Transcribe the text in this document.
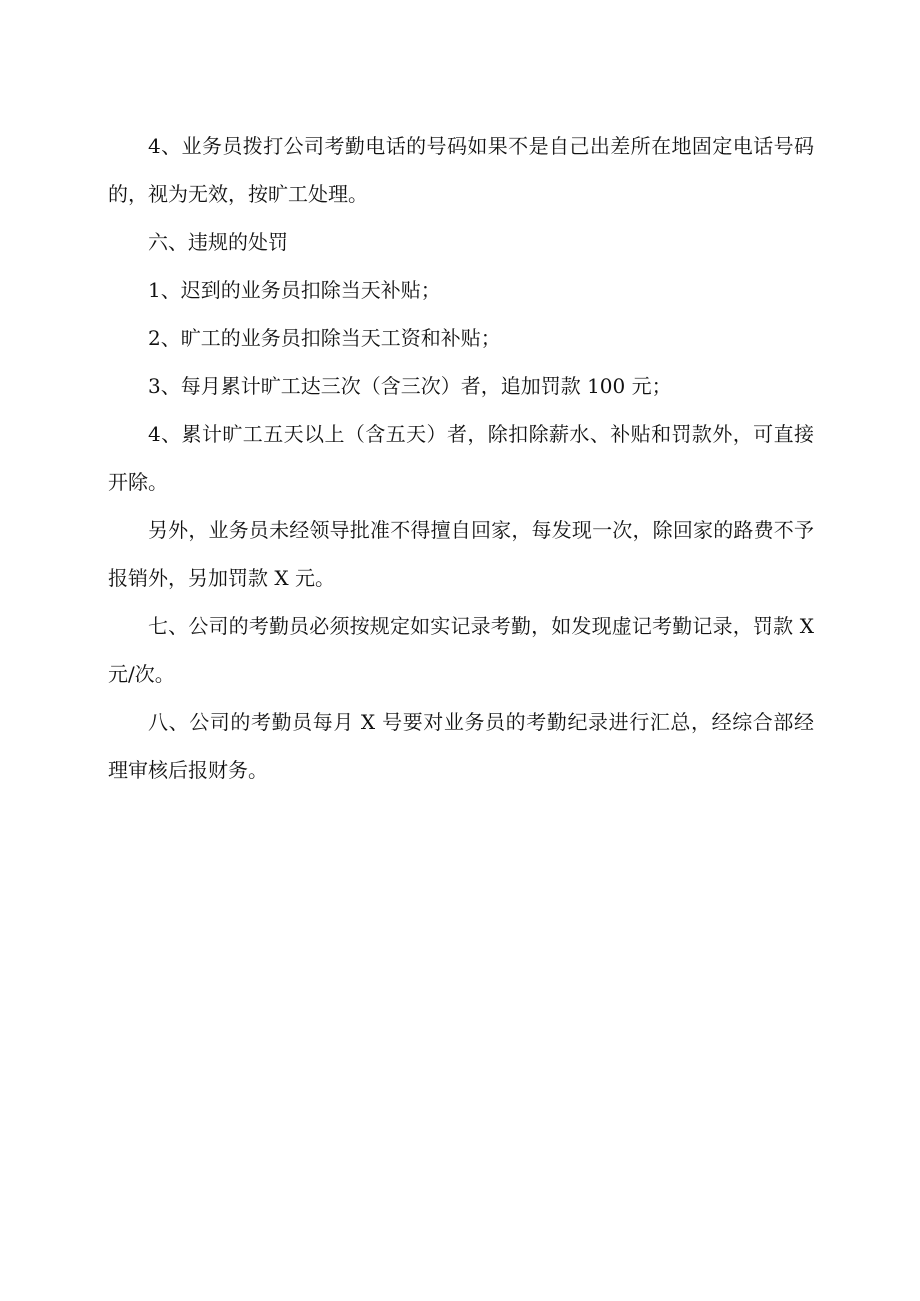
4、业务员拨打公司考勤电话的号码如果不是自己出差所在地固定电话号码的，视为无效，按旷工处理。

六、违规的处罚

1、迟到的业务员扣除当天补贴；

2、旷工的业务员扣除当天工资和补贴；

3、每月累计旷工达三次（含三次）者，追加罚款 100 元；

4、累计旷工五天以上（含五天）者，除扣除薪水、补贴和罚款外，可直接开除。

另外，业务员未经领导批准不得擅自回家，每发现一次，除回家的路费不予报销外，另加罚款 X 元。

七、公司的考勤员必须按规定如实记录考勤，如发现虚记考勤记录，罚款 X 元/次。

八、公司的考勤员每月 X 号要对业务员的考勤纪录进行汇总，经综合部经理审核后报财务。
